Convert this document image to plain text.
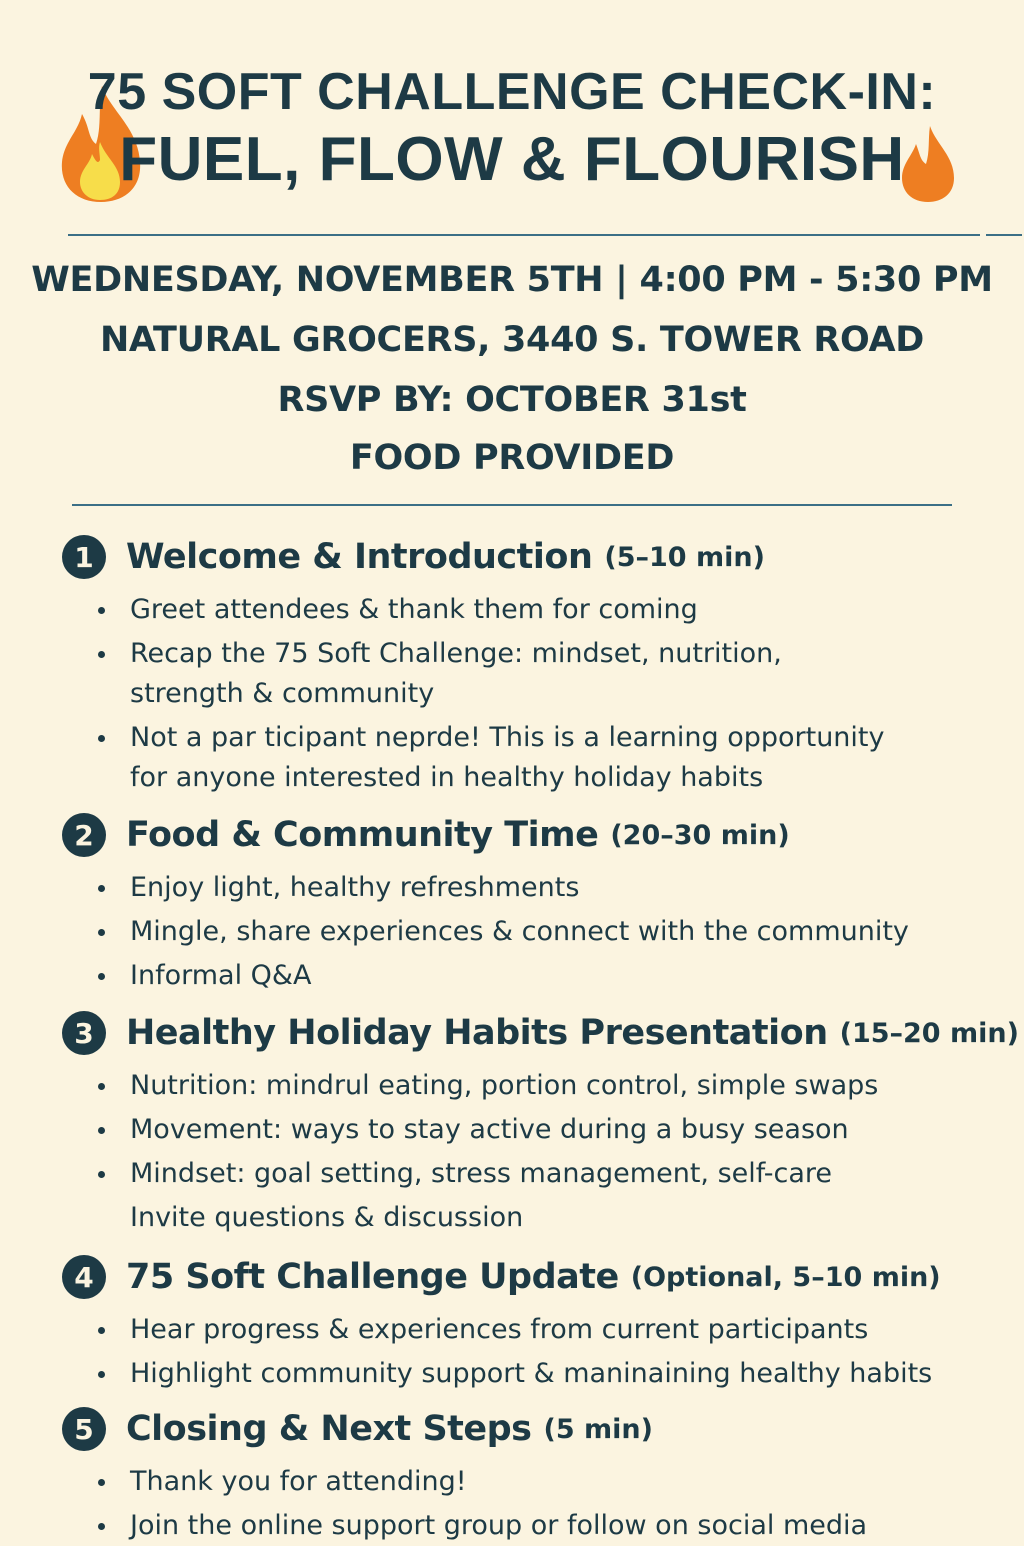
75 SOFT CHALLENGE CHECK-IN:
FUEL, FLOW & FLOURISH
WEDNESDAY, NOVEMBER 5TH | 4:00 PM - 5:30 PM
NATURAL GROCERS, 3440 S. TOWER ROAD
RSVP BY: OCTOBER 31st
FOOD PROVIDED
1 Welcome & Introduction (5–10 min)
Greet attendees & thank them for coming
Recap the 75 Soft Challenge: mindset, nutrition, strength & community
Not a par ticipant neprde! This is a learning opportunity for anyone interested in healthy holiday habits
2 Food & Community Time (20–30 min)
Enjoy light, healthy refreshments
Mingle, share experiences & connect with the community
Informal Q&A
3 Healthy Holiday Habits Presentation (15–20 min)
Nutrition: mindrul eating, portion control, simple swaps
Movement: ways to stay active during a busy season
Mindset: goal setting, stress management, self-care
Invite questions & discussion
4 75 Soft Challenge Update (Optional, 5–10 min)
Hear progress & experiences from current participants
Highlight community support & maninaining healthy habits
5 Closing & Next Steps (5 min)
Thank you for attending!
Join the online support group or follow on social media
